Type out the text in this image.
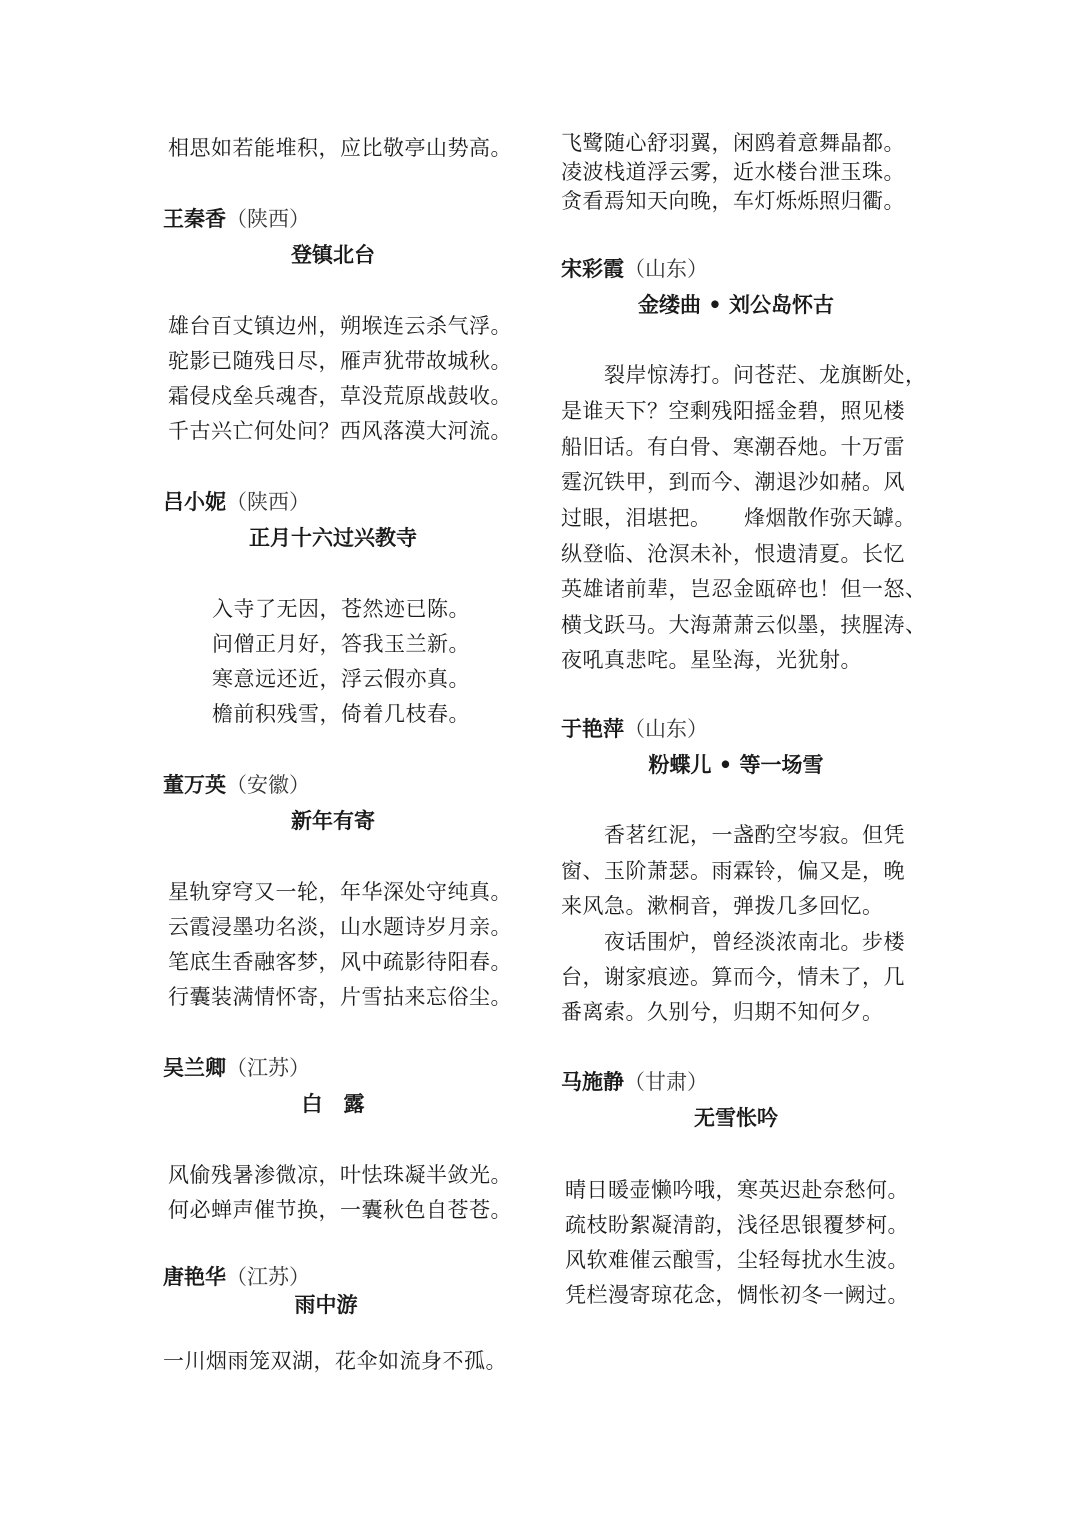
相思如若能堆积，应比敬亭山势高。
王秦香（陕西）
登镇北台
雄台百丈镇边州，朔堠连云杀气浮。
驼影已随残日尽，雁声犹带故城秋。
霜侵戍垒兵魂杳，草没荒原战鼓收。
千古兴亡何处问？西风落漠大河流。
吕小妮（陕西）
正月十六过兴教寺
入寺了无因，苍然迹已陈。
问僧正月好，答我玉兰新。
寒意远还近，浮云假亦真。
檐前积残雪，倚着几枝春。
董万英（安徽）
新年有寄
星轨穿穹又一轮，年华深处守纯真。
云霞浸墨功名淡，山水题诗岁月亲。
笔底生香融客梦，风中疏影待阳春。
行囊装满情怀寄，片雪拈来忘俗尘。
吴兰卿（江苏）
白　露
风偷残暑渗微凉，叶怯珠凝半敛光。
何必蝉声催节换，一囊秋色自苍苍。
唐艳华（江苏）
雨中游
一川烟雨笼双湖，花伞如流身不孤。
飞鹭随心舒羽翼，闲鸥着意舞晶都。
凌波栈道浮云雾，近水楼台泄玉珠。
贪看焉知天向晚，车灯烁烁照归衢。
宋彩霞（山东）
金缕曲 • 刘公岛怀古
　　裂岸惊涛打。问苍茫、龙旗断处，
是谁天下？空剩残阳摇金碧，照见楼
船旧话。有白骨、寒潮吞灺。十万雷
霆沉铁甲，到而今、潮退沙如赭。风
过眼，泪堪把。　　烽烟散作弥天罅。
纵登临、沧溟未补，恨遗清夏。长忆
英雄诸前辈，岂忍金瓯碎也！但一怒、
横戈跃马。大海萧萧云似墨，挟腥涛、
夜吼真悲咤。星坠海，光犹射。
于艳萍（山东）
粉蝶儿 • 等一场雪
　　香茗红泥，一盏酌空岑寂。但凭
窗、玉阶萧瑟。雨霖铃，偏又是，晚
来风急。漱桐音，弹拨几多回忆。
　　夜话围炉，曾经淡浓南北。步楼
台，谢家痕迹。算而今，情未了，几
番离索。久别兮，归期不知何夕。
马施静（甘肃）
无雪怅吟
晴日暖壶懒吟哦，寒英迟赴奈愁何。
疏枝盼絮凝清韵，浅径思银覆梦柯。
风软难催云酿雪，尘轻每扰水生波。
凭栏漫寄琼花念，惆怅初冬一阙过。
